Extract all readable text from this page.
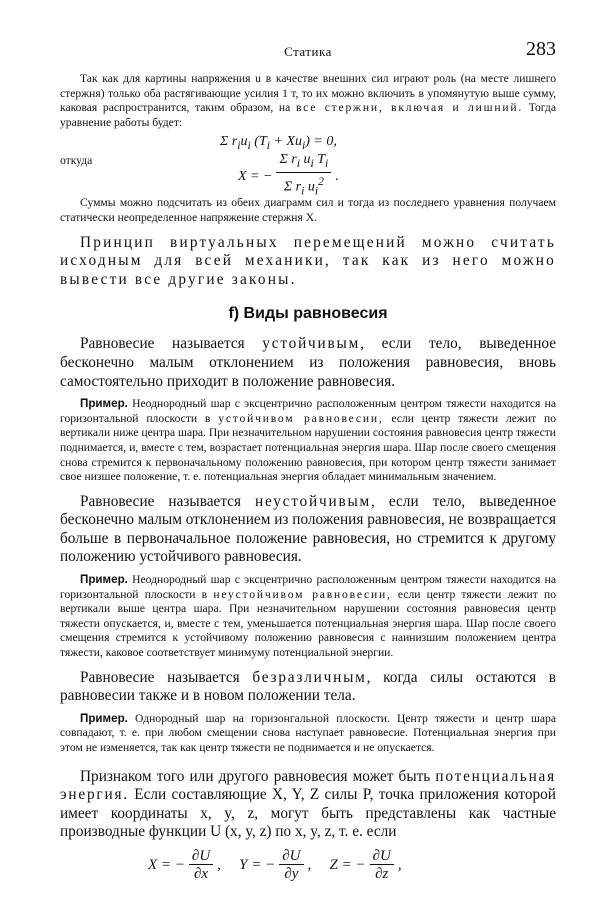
Статика	283

Так как для картины напряжения u в качестве внешних сил играют роль (на месте лишнего стержня) только оба растягивающие усилия 1 т, то их можно включить в упомянутую выше сумму, каковая распространится, таким образом, на все стержни, включая и лишний. Тогда уравнение работы будет:

Σ $r_iu_i$ $(T_i + Xu_i) = 0$,
откуда
X = − $\frac{\Sigma r_i u_i T_i}{\Sigma r_i u_i^2}$ .

Суммы можно подсчитать из обеих диаграмм сил и тогда из последнего уравнения получаем статически неопределенное напряжение стержня X.

Принцип виртуальных перемещений можно считать исходным для всей механики, так как из него можно вывести все другие законы.

f) Виды равновесия

Равновесие называется устойчивым, если тело, выведенное бесконечно малым отклонением из положения равновесия, вновь самостоятельно приходит в положение равновесия.

Пример. Неоднородный шар с эксцентрично расположенным центром тяжести находится на горизонтальной плоскости в устойчивом равновесии, если центр тяжести лежит по вертикали ниже центра шара. При незначительном нарушении состояния равновесия центр тяжести поднимается, и, вместе с тем, возрастает потенциальная энергия шара. Шар после своего смещения снова стремится к первоначальному положению равновесия, при котором центр тяжести занимает свое низшее положение, т. е. потенциальная энергия обладает минимальным значением.

Равновесие называется неустойчивым, если тело, выведенное бесконечно малым отклонением из положения равновесия, не возвращается больше в первоначальное положение равновесия, но стремится к другому положению устойчивого равновесия.

Пример. Неоднородный шар с эксцентрично расположенным центром тяжести находится на горизонтальной плоскости в неустойчивом равновесии, если центр тяжести лежит по вертикали выше центра шара. При незначительном нарушении состояния равновесия центр тяжести опускается, и, вместе с тем, уменьшается потенциальная энергия шара. Шар после своего смещения стремится к устойчивому положению равновесия с наинизшим положением центра тяжести, каковое соответствует минимуму потенциальной энергии.

Равновесие называется безразличным, когда силы остаются в равновесии также и в новом положении тела.

Пример. Однородный шар на горизонгальной плоскости. Центр тяжести и центр шара совпадают, т. е. при любом смещении снова наступает равновесие. Потенциальная энергия при этом не изменяется, так как центр тяжести не поднимается и не опускается.

Признаком того или другого равновесия может быть потенциальная энергия. Если составляющие X, Y, Z силы P, точка приложения которой имеет координаты x, y, z, могут быть представлены как частные производные функции U (x, y, z) по x, y, z, т. е. если

X = − $\frac{\partial U}{\partial x}$ ,	Y = − $\frac{\partial U}{\partial y}$ ,	Z = − $\frac{\partial U}{\partial z}$ ,
